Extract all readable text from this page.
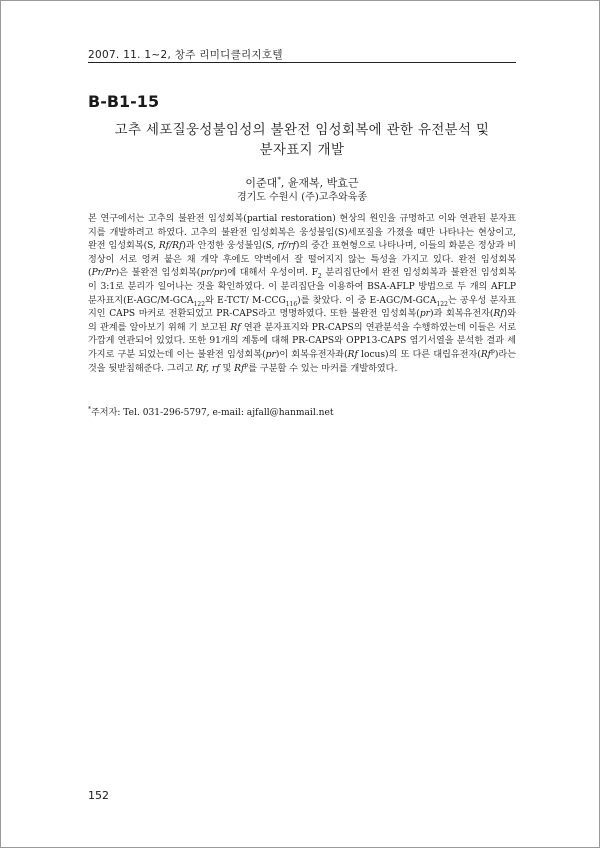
2007. 11. 1~2, 창주 리미디클리지호텔
B-B1-15
고추 세포질웅성불임성의 불완전 임성회복에 관한 유전분석 및
분자표지 개발
이준대*, 윤재복, 박효근
경기도 수원시 (주)고추와육종

본 연구에서는 고추의 불완전 임성회복(partial restoration) 현상의 원인을 규명하고 이와 연관된 분자표지를 개발하려고 하였다. 고추의 불완전 임성회복은 웅성불임(S)세포질을 가졌을 때만 나타나는 현상이고, 완전 임성회복(S, Rf/Rf)과 안정한 웅성불임(S, rf/rf)의 중간 표현형으로 나타나며, 이들의 화분은 정상과 비정상이 서로 엉켜 붙은 채 개약 후에도 약벽에서 잘 떨어지지 않는 특성을 가지고 있다. 완전 임성회복(Pr/Pr)은 불완전 임성회복(pr/pr)에 대해서 우성이며. $F_2$ 분리집단에서 완전 임성회복과 불완전 임성회복이 3:1로 분리가 일어나는 것을 확인하였다. 이 분리집단을 이용하여 BSA-AFLP 방법으로 두 개의 AFLP 분자표지($E-AGC/M-GCA_{122}$와 E-TCT/ $M-CCG_{116}$)를 찾았다. 이 중 $E-AGC/M-GCA_{122}$는 공우성 분자표지인 CAPS 마커로 전환되었고 PR-CAPS라고 명명하였다. 또한 불완전 임성회복(pr)과 회복유전자(Rf)와의 관계를 알아보기 위해 기 보고된 Rf 연관 분자표지와 PR-CAPS의 연관분석을 수행하였는데 이들은 서로 가깝게 연관되어 있었다. 또한 91개의 계통에 대해 PR-CAPS와 OPP13-CAPS 염기서열을 분석한 결과 세 가지로 구분 되었는데 이는 불완전 임성회복(pr)이 회복유전자좌(Rf locus)의 또 다른 대립유전자(Rf$^p$)라는 것을 뒷받침해준다. 그리고 Rf, rf 및 Rf$^p$를 구분할 수 있는 마커를 개발하였다.

*주저자: Tel. 031-296-5797, e-mail: ajfall@hanmail.net
152
